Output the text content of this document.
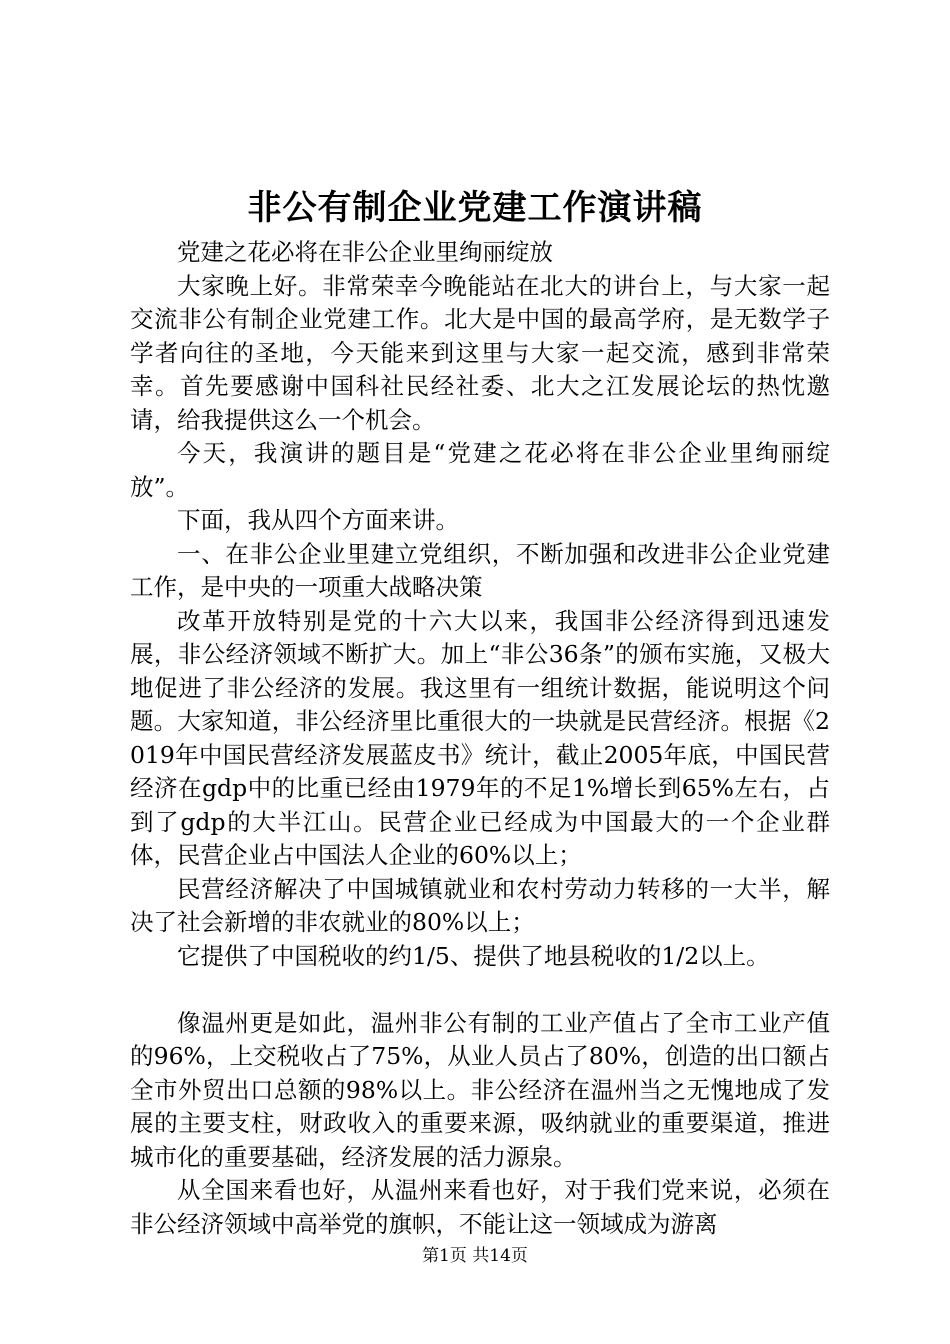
非公有制企业党建工作演讲稿

党建之花必将在非公企业里绚丽绽放

大家晚上好。非常荣幸今晚能站在北大的讲台上，与大家一起交流非公有制企业党建工作。北大是中国的最高学府，是无数学子学者向往的圣地，今天能来到这里与大家一起交流，感到非常荣幸。首先要感谢中国科社民经社委、北大之江发展论坛的热忱邀请，给我提供这么一个机会。

今天，我演讲的题目是“党建之花必将在非公企业里绚丽绽放”。

下面，我从四个方面来讲。

一、在非公企业里建立党组织，不断加强和改进非公企业党建工作，是中央的一项重大战略决策

改革开放特别是党的十六大以来，我国非公经济得到迅速发展，非公经济领域不断扩大。加上“非公36条”的颁布实施，又极大地促进了非公经济的发展。我这里有一组统计数据，能说明这个问题。大家知道，非公经济里比重很大的一块就是民营经济。根据《2019年中国民营经济发展蓝皮书》统计，截止2005年底，中国民营经济在gdp中的比重已经由1979年的不足1%增长到65%左右，占到了gdp的大半江山。民营企业已经成为中国最大的一个企业群体，民营企业占中国法人企业的60%以上；

民营经济解决了中国城镇就业和农村劳动力转移的一大半，解决了社会新增的非农就业的80%以上；

它提供了中国税收的约1/5、提供了地县税收的1/2以上。

像温州更是如此，温州非公有制的工业产值占了全市工业产值的96%，上交税收占了75%，从业人员占了80%，创造的出口额占全市外贸出口总额的98%以上。非公经济在温州当之无愧地成了发展的主要支柱，财政收入的重要来源，吸纳就业的重要渠道，推进城市化的重要基础，经济发展的活力源泉。

从全国来看也好，从温州来看也好，对于我们党来说，必须在非公经济领域中高举党的旗帜，不能让这一领域成为游离

第1页 共14页
